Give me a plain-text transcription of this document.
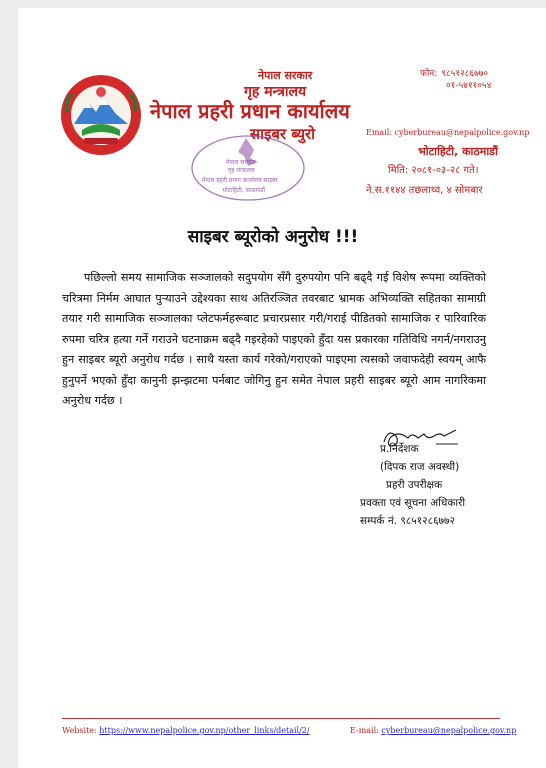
नेपाल सरकार
गृह मन्त्रालय
नेपाल प्रहरी प्रधान कार्यालय
साइबर ब्युरो
नेपाल सरकार
गृह मन्त्रालय
नेपाल प्रहरी प्रधान कार्यालय साइबर
भोटाहिटी, काठमाडौं
फोन: ९८५१२८६७७०
०१-५४११०५४
Email: cyberbureau@nepalpolice.gov.np
भोटाहिटी, काठमाडौं
मिति: २०८१-०३-२८ गते।
ने.स.११४४ तछलाथ्व, ४ सोमबार
साइबर ब्यूरोको अनुरोध !!!

पछिल्लो समय सामाजिक सञ्जालको सदुपयोग सँगै दुरुपयोग पनि बढ्दै गई विशेष रूपमा व्यक्तिको चरित्रमा निर्मम आघात पुऱ्याउने उद्देश्यका साथ अतिरञ्जित तवरबाट भ्रामक अभिव्यक्ति सहितका सामाग्री तयार गरी सामाजिक सञ्जालका प्लेटफर्महरूबाट प्रचारप्रसार गरी/गराई पीडितको सामाजिक र पारिवारिक रुपमा चरित्र हत्या गर्ने गराउने घटनाक्रम बढ्दै गइरहेको पाइएको हुँदा यस प्रकारका गतिविधि नगर्न/नगराउनु हुन साइबर ब्यूरो अनुरोध गर्दछ । साथै यस्ता कार्य गरेको/गराएको पाइएमा त्यसको जवाफदेही स्वयम् आफै हुनुपर्ने भएको हुँदा कानुनी झन्झटमा पर्नबाट जोगिनु हुन समेत नेपाल प्रहरी साइबर ब्यूरो आम नागरिकमा अनुरोध गर्दछ ।

प्र.निर्देशक
(दिपक राज अवस्थी)
प्रहरी उपरीक्षक
प्रवक्ता एवं सूचना अधिकारी
सम्पर्क नं. ९८५१२८६७७२
Website: https://www.nepalpolice.gov.np/other_links/detail/2/	E-mail: cyberbureau@nepalpolice.gov.np
